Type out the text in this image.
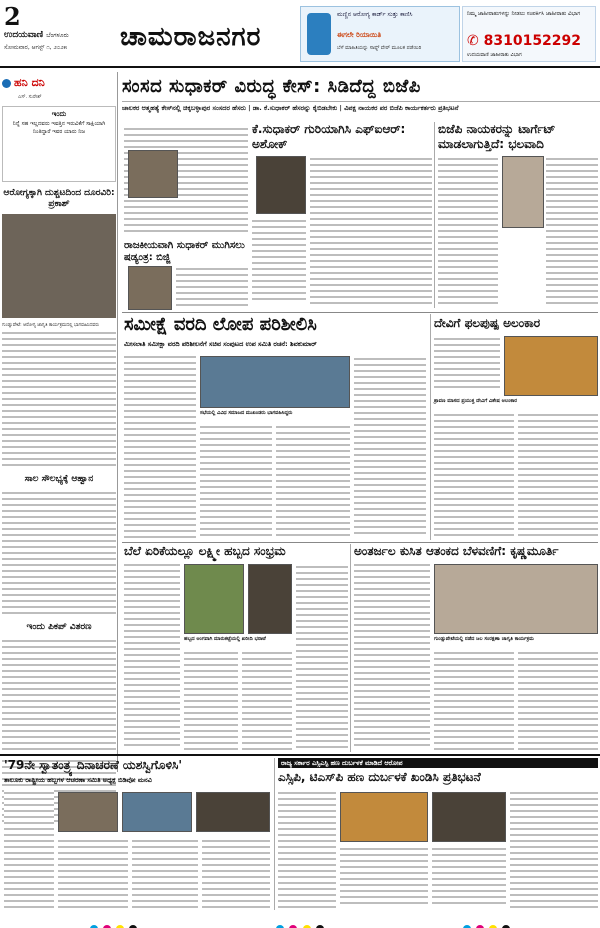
2
ಉದಯವಾಣಿ ಬೆಂಗಳೂರು
ಸೋಮವಾರ, ಆಗಸ್ಟ್ ೧, ೨೦೨೫ ಚಾಮರಾಜನಗರ
ಮಣ್ಣಿನ ಆರೋಗ್ಯ ಕಾರ್ಡ್ ಸುತ್ತು ಕಾಣಿಸಿ
ಈಗಲೇ ರಿಯಾಯಿತಿ
ಬೆಳೆ ಮಾಹಿತಿಯನ್ನು ಸಾಫ್ಟ್ ವೇರ್ ಮೂಲಕ ಪಡೆಯಿರಿ
ನಿಮ್ಮ ಜಾಹೀರಾತುಗಳನ್ನು ನೀಡಲು ಸಂಪರ್ಕಿಸಿ ಜಾಹೀರಾತು ವಿಭಾಗ
✆ 8310152292
ಉದಯವಾಣಿ ಜಾಹೀರಾತು ವಿಭಾಗ
ಹನಿ ದನಿ
ಎಸ್. ಸುರೇಶ್
ಇಂದು
ನಿನ್ನೆ ಸಹ ಇಲ್ಲದವರು ಇವತ್ತಿನ ಇರುವಿಕೆಗೆ ಸಾಕ್ಷಿಯಾಗಿ ನಿಂತಿದ್ದಾರೆ ಇವರ ಯಾರು ನಿಜ
ಆರೋಗ್ಯಕ್ಕಾಗಿ ದುಶ್ಚಟದಿಂದ ದೂರವಿರಿ: ಪ್ರಕಾಶ್
ಗುಂಡ್ಲುಪೇಟೆ: ಆರೋಗ್ಯ ಜಾಗೃತಿ ಕಾರ್ಯಕ್ರಮದಲ್ಲಿ ಭಾಗವಹಿಸಿದವರು
ಸಾಲ ಸೌಲಭ್ಯಕ್ಕೆ ಆಹ್ವಾನ
ಇಂದು ಪಿಕಪ್ ವಿತರಣ
ಸಂಸದ ಸುಧಾಕರ್ ವಿರುದ್ಧ ಕೇಸ್: ಸಿಡಿದೆದ್ದ ಬಿಜೆಪಿ
ಚಾಲಕರ ಆತ್ಮಹತ್ಯೆ ಕೇಸ್‌ನಲ್ಲಿ ಚಿಕ್ಕಬಳ್ಳಾಪುರ ಸಂಸದರ ಹೆಸರು | ಡಾ. ಕೆ.ಸುಧಾಕರ್ ಹೆಸರನ್ನು ಕೈಬಿಡಬೇಕು | ವಿಪಕ್ಷ ನಾಯಕರ ಪರ ಬಿಜೆಪಿ ಕಾರ್ಯಕರ್ತರು ಪ್ರತಿಭಟನೆ
ಕೆ.ಸುಧಾಕರ್ ಗುರಿಯಾಗಿಸಿ ಎಫ್‌ಐಆರ್: ಅಶೋಕ್
ಬಿಜೆಪಿ ನಾಯಕರನ್ನು ಟಾರ್ಗೆಟ್ ಮಾಡಲಾಗುತ್ತಿದೆ: ಭಲವಾದಿ
ರಾಜಕೀಯವಾಗಿ ಸುಧಾಕರ್ ಮುಗಿಸಲು ಷಡ್ಯಂತ್ರ: ಬಿಜ್ಜಿ
ಸಮೀಕ್ಷೆ ವರದಿ ಲೋಪ ಪರಿಶೀಲಿಸಿ
ಮೀಸಲಾತಿ ಸಮೀಕ್ಷಾ ವರದಿ ಪರಿಶೀಲನೆಗೆ ಸಚಿವ ಸಂಪುಟದ ಉಪ ಸಮಿತಿ ರಚನೆ: ಶಿವಕುಮಾರ್
ಸಭೆಯಲ್ಲಿ ವಿವಿಧ ಸಮಾಜದ ಮುಖಂಡರು ಭಾಗವಹಿಸಿದ್ದರು
ದೇವಿಗೆ ಫಲಪುಷ್ಪ ಅಲಂಕಾರ
ಶ್ರಾವಣ ಮಾಸದ ಪ್ರಯುಕ್ತ ದೇವಿಗೆ ವಿಶೇಷ ಅಲಂಕಾರ
ಬೆಲೆ ಏರಿಕೆಯಲ್ಲೂ ಲಕ್ಷ್ಮೀ ಹಬ್ಬದ ಸಂಭ್ರಮ
ಹಬ್ಬದ ಅಂಗವಾಗಿ ಮಾರುಕಟ್ಟೆಯಲ್ಲಿ ಖರೀದಿ ಭರಾಟೆ
ಅಂತರ್ಜಲ ಕುಸಿತ ಆತಂಕದ ಬೆಳವಣಿಗೆ: ಕೃಷ್ಣಮೂರ್ತಿ
ಗುಂಡ್ಲುಪೇಟೆಯಲ್ಲಿ ನಡೆದ ಜಲ ಸಂರಕ್ಷಣಾ ಜಾಗೃತಿ ಕಾರ್ಯಕ್ರಮ
'79ನೇ ಸ್ವಾತಂತ್ರ್ಯ ದಿನಾಚರಣೆ ಯಶಸ್ವಿಗೊಳಿಸಿ'
ತಾಲೂಕು ರಾಷ್ಟ್ರೀಯ ಹಬ್ಬಗಳ ಆಚರಣಾ ಸಮಿತಿ ಅಧ್ಯಕ್ಷ ಬಿಡಿವೋ ಮನವಿ
ರಾಜ್ಯ ಸರ್ಕಾರ ಎಸ್ಸಿಎಸ್ಪಿ ಹಣ ದುರ್ಬಳಕೆ ಮಾಡಿದೆ ಆರೋಪ
ಎಸ್ಸಿಪಿ, ಟಿಎಸ್‌ಪಿ ಹಣ ದುರ್ಬಳಕೆ ಖಂಡಿಸಿ ಪ್ರತಿಭಟನೆ
